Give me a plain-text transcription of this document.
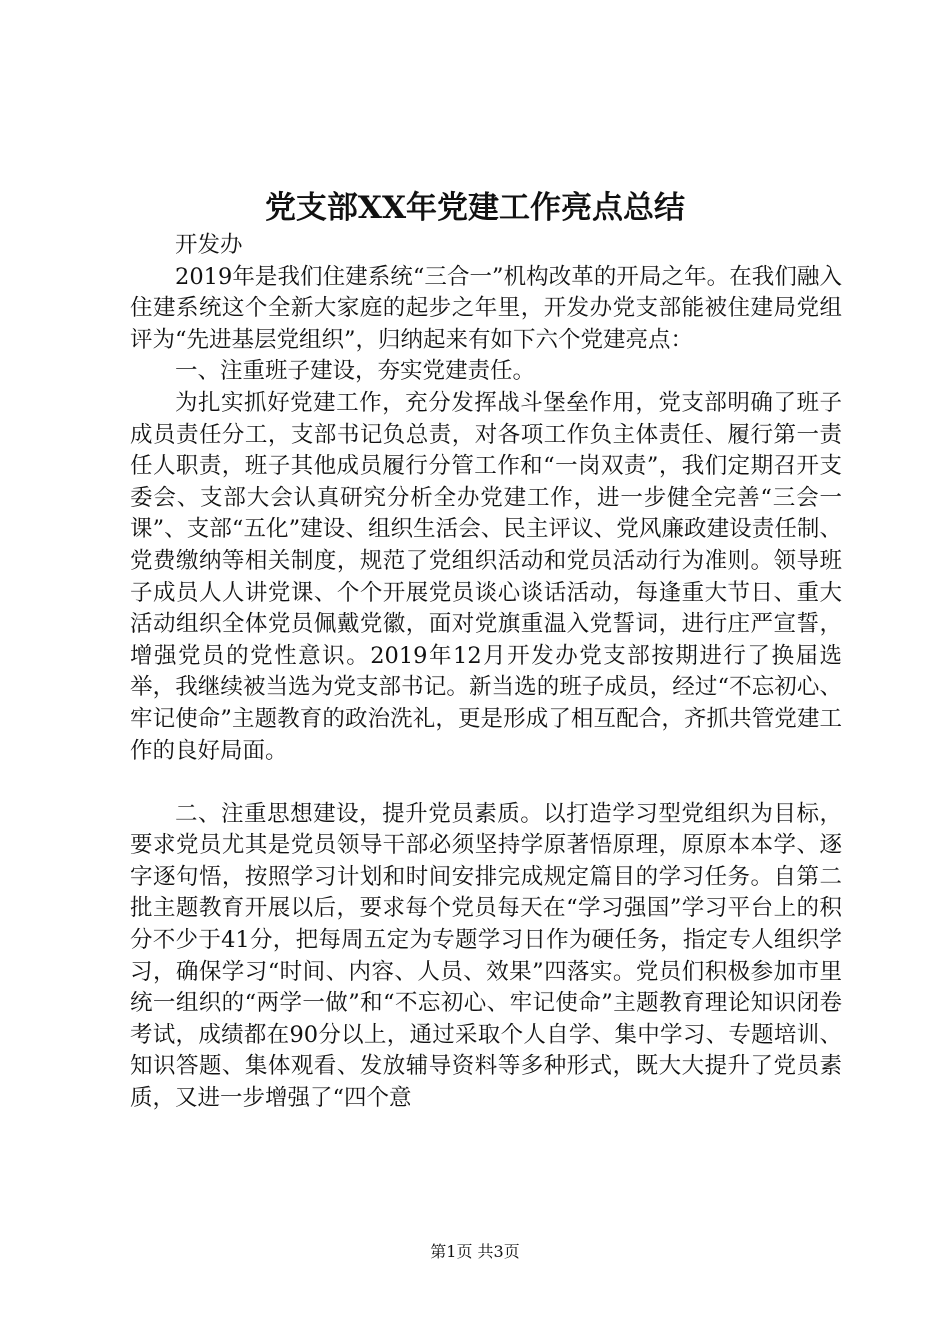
党支部XX年党建工作亮点总结

开发办

2019年是我们住建系统“三合一”机构改革的开局之年。在我们融入住建系统这个全新大家庭的起步之年里，开发办党支部能被住建局党组评为“先进基层党组织”，归纳起来有如下六个党建亮点：

一、注重班子建设，夯实党建责任。

为扎实抓好党建工作，充分发挥战斗堡垒作用，党支部明确了班子成员责任分工，支部书记负总责，对各项工作负主体责任、履行第一责任人职责，班子其他成员履行分管工作和“一岗双责”，我们定期召开支委会、支部大会认真研究分析全办党建工作，进一步健全完善“三会一课”、支部“五化”建设、组织生活会、民主评议、党风廉政建设责任制、党费缴纳等相关制度，规范了党组织活动和党员活动行为准则。领导班子成员人人讲党课、个个开展党员谈心谈话活动，每逢重大节日、重大活动组织全体党员佩戴党徽，面对党旗重温入党誓词，进行庄严宣誓，增强党员的党性意识。2019年12月开发办党支部按期进行了换届选举，我继续被当选为党支部书记。新当选的班子成员，经过“不忘初心、牢记使命”主题教育的政治洗礼，更是形成了相互配合，齐抓共管党建工作的良好局面。

二、注重思想建设，提升党员素质。以打造学习型党组织为目标，要求党员尤其是党员领导干部必须坚持学原著悟原理，原原本本学、逐字逐句悟，按照学习计划和时间安排完成规定篇目的学习任务。自第二批主题教育开展以后，要求每个党员每天在“学习强国”学习平台上的积分不少于41分，把每周五定为专题学习日作为硬任务，指定专人组织学习，确保学习“时间、内容、人员、效果”四落实。党员们积极参加市里统一组织的“两学一做”和“不忘初心、牢记使命”主题教育理论知识闭卷考试，成绩都在90分以上，通过采取个人自学、集中学习、专题培训、知识答题、集体观看、发放辅导资料等多种形式，既大大提升了党员素质，又进一步增强了“四个意

第1页 共3页
